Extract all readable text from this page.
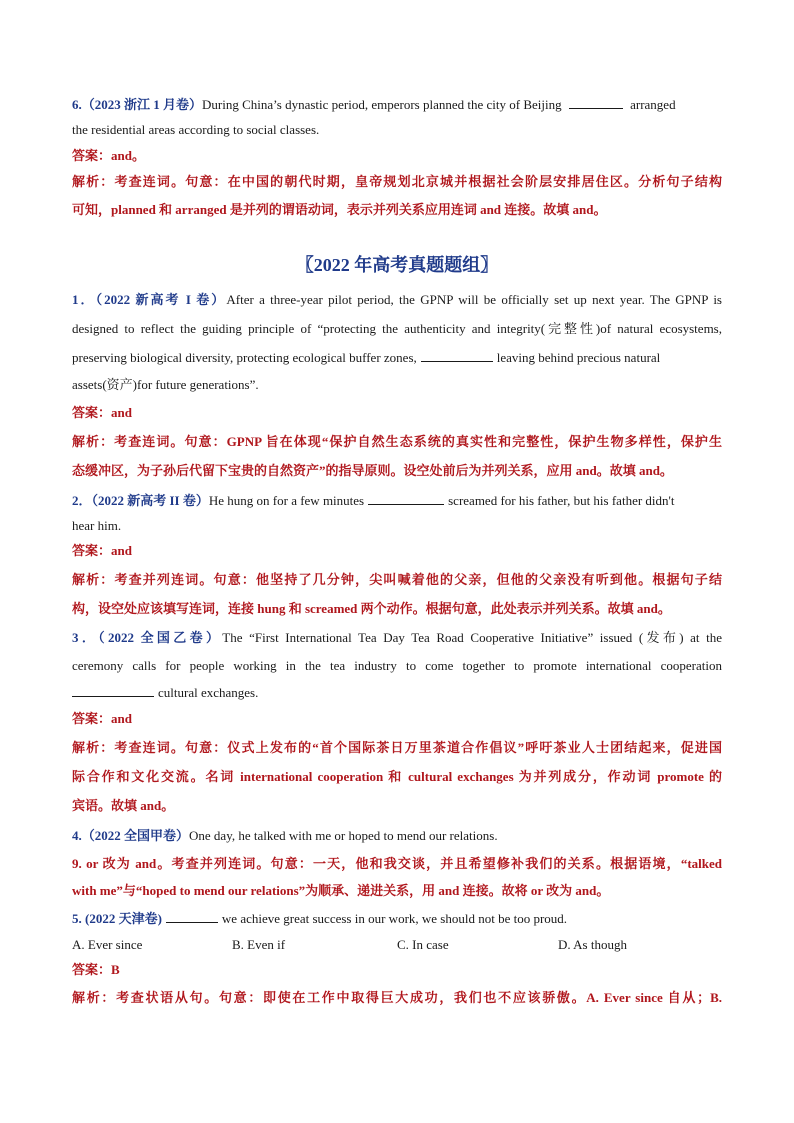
6.（2023 浙江 1 月卷）During China’s dynastic period, emperors planned the city of Beijing	arranged
the residential areas according to social classes.
答案：and。
解析：考查连词。句意：在中国的朝代时期，皇帝规划北京城并根据社会阶层安排居住区。分析句子结构
可知，planned 和 arranged 是并列的谓语动词，表示并列关系应用连词 and 连接。故填 and。
〖2022 年高考真题题组〗
1．（2022 新高考 I 卷）After a three-year pilot period, the GPNP will be officially set up next year. The GPNP is
designed to reflect the guiding principle of “protecting the authenticity and integrity(完整性)of natural ecosystems,
preserving biological diversity, protecting ecological buffer zones,	leaving behind precious natural
assets(资产)for future generations”.
答案：and
解析：考查连词。句意：GPNP 旨在体现“保护自然生态系统的真实性和完整性，保护生物多样性，保护生
态缓冲区，为子孙后代留下宝贵的自然资产”的指导原则。设空处前后为并列关系，应用 and。故填 and。
2．（2022 新高考 II 卷）He hung on for a few minutes	screamed for his father, but his father didn't
hear him.
答案：and
解析：考查并列连词。句意：他坚持了几分钟，尖叫喊着他的父亲，但他的父亲没有听到他。根据句子结
构，设空处应该填写连词，连接 hung 和 screamed 两个动作。根据句意，此处表示并列关系。故填 and。
3．（2022 全国乙卷）The “First International Tea Day Tea Road Cooperative Initiative” issued (发布) at the
ceremony calls for people working in the tea industry to come together to promote international cooperation
cultural exchanges.
答案：and
解析：考查连词。句意：仪式上发布的“首个国际茶日万里茶道合作倡议”呼吁茶业人士团结起来，促进国
际合作和文化交流。名词 international cooperation 和 cultural exchanges 为并列成分，作动词 promote 的
宾语。故填 and。
4.（2022 全国甲卷）One day, he talked with me or hoped to mend our relations.
9. or 改为 and。考查并列连词。句意：一天，他和我交谈，并且希望修补我们的关系。根据语境，“talked
with me”与“hoped to mend our relations”为顺承、递进关系，用 and 连接。故将 or 改为 and。
5. (2022 天津卷)	we achieve great success in our work, we should not be too proud.
A. Ever since	B. Even if	C. In case	D. As though
答案：B
解析：考查状语从句。句意：即使在工作中取得巨大成功，我们也不应该骄傲。A. Ever since 自从；B.
